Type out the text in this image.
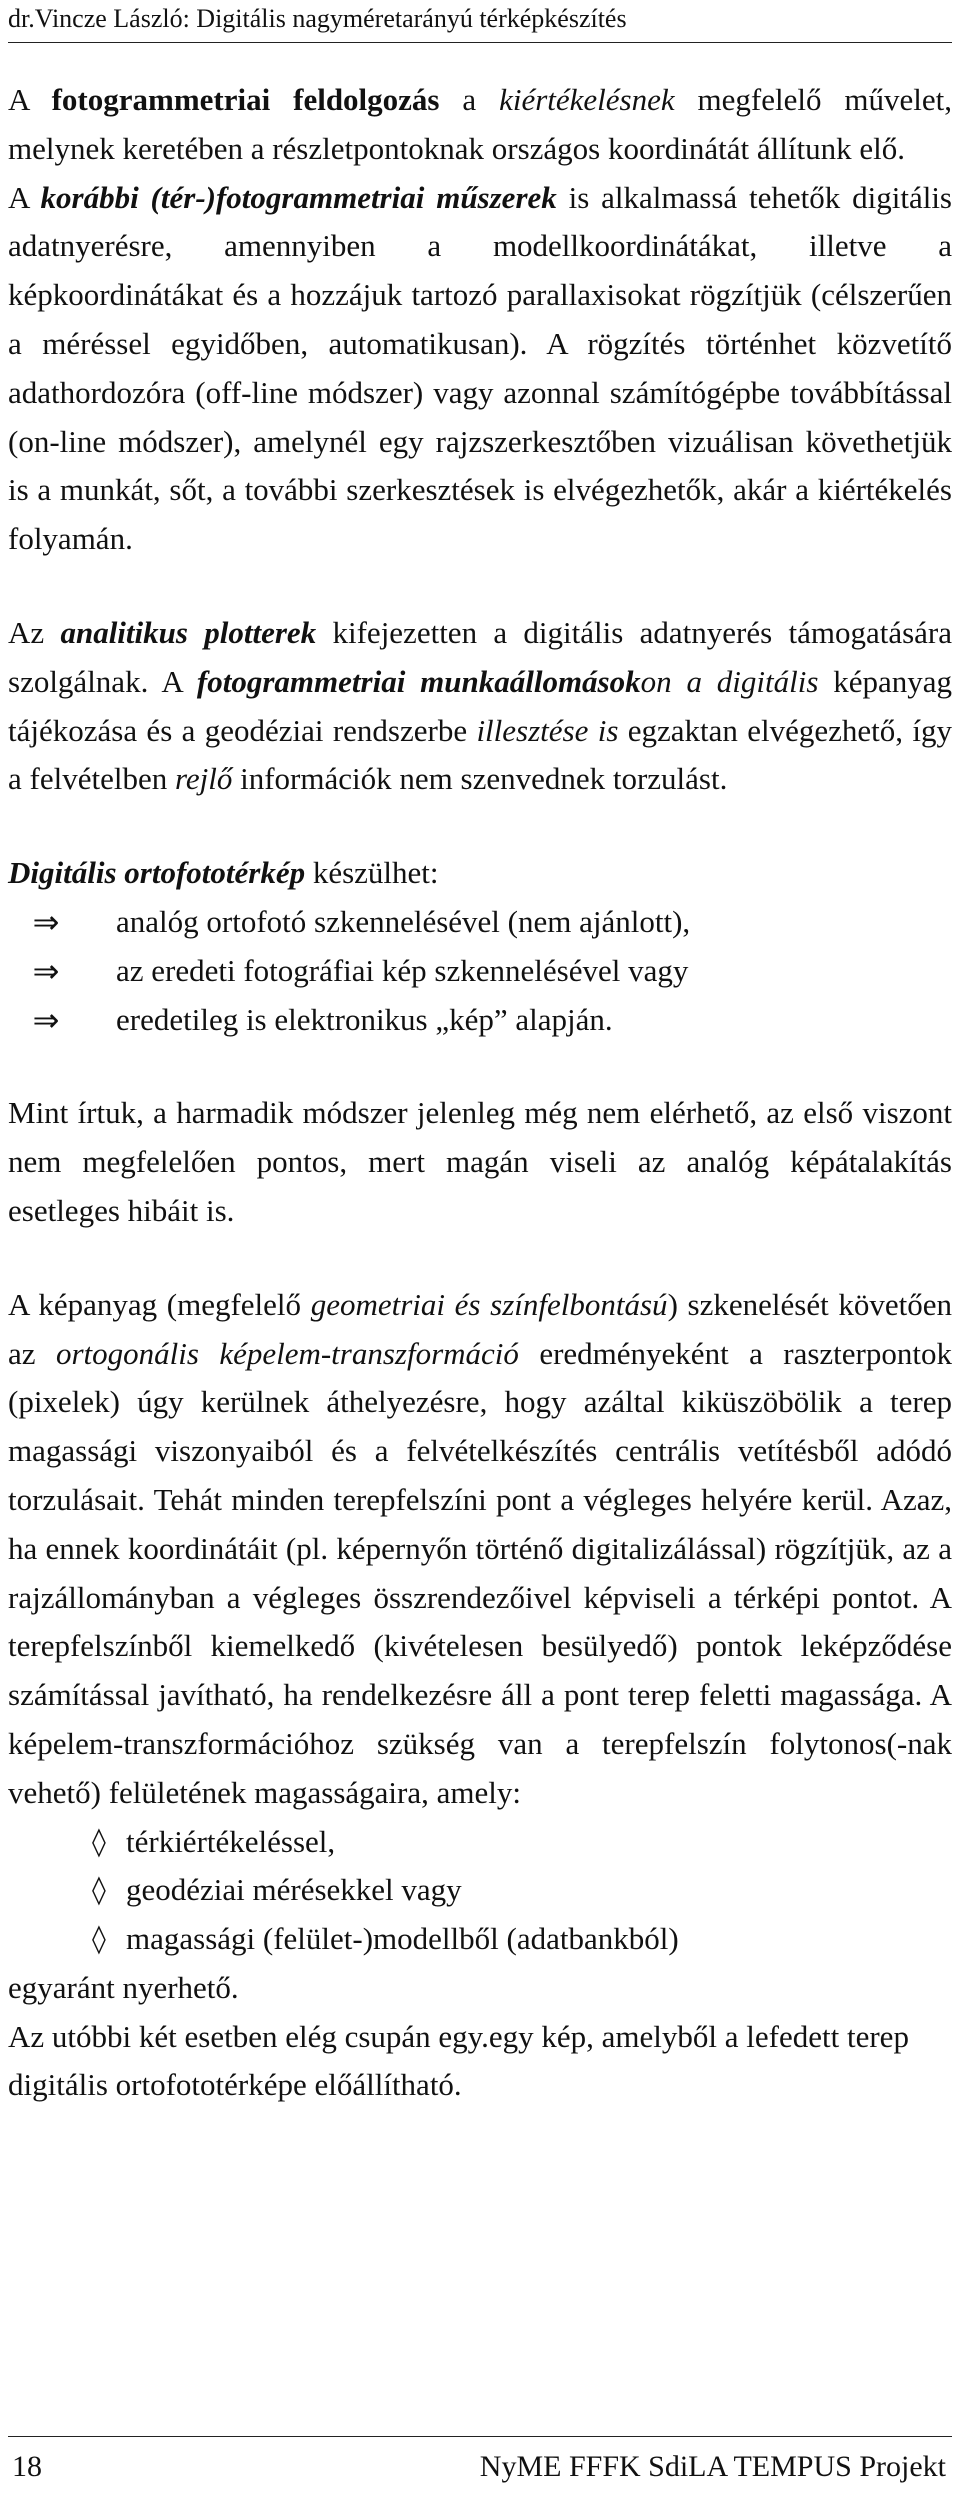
dr.Vincze László: Digitális nagyméretarányú térképkészítés

A fotogrammetriai feldolgozás a kiértékelésnek megfelelő művelet, melynek keretében a részletpontoknak országos koordinátát állítunk elő.

A korábbi (tér-)fotogrammetriai műszerek is alkalmassá tehetők digitális adatnyerésre, amennyiben a modellkoordinátákat, illetve a képkoordinátákat és a hozzájuk tartozó parallaxisokat rögzítjük (célszerűen a méréssel egyidőben, automatikusan). A rögzítés történhet közvetítő adathordozóra (off-line módszer) vagy azonnal számítógépbe továbbítással (on-line módszer), amelynél egy rajzszerkesztőben vizuálisan követhetjük is a munkát, sőt, a további szerkesztések is elvégezhetők, akár a kiértékelés folyamán.

Az analitikus plotterek kifejezetten a digitális adatnyerés támogatására szolgálnak. A fotogrammetriai munkaállomásokon a digitális képanyag tájékozása és a geodéziai rendszerbe illesztése is egzaktan elvégezhető, így a felvételben rejlő információk nem szenvednek torzulást.

Digitális ortofototérkép készülhet:

⇒	analóg ortofotó szkennelésével (nem ajánlott),
⇒	az eredeti fotográfiai kép szkennelésével vagy
⇒	eredetileg is elektronikus „kép” alapján.

Mint írtuk, a harmadik módszer jelenleg még nem elérhető, az első viszont nem megfelelően pontos, mert magán viseli az analóg képátalakítás esetleges hibáit is.

A képanyag (megfelelő geometriai és színfelbontású) szkenelését követően az ortogonális képelem-transzformáció eredményeként a raszterpontok (pixelek) úgy kerülnek áthelyezésre, hogy azáltal kiküszöbölik a terep magassági viszonyaiból és a felvételkészítés centrális vetítésből adódó torzulásait. Tehát minden terepfelszíni pont a végleges helyére kerül. Azaz, ha ennek koordinátáit (pl. képernyőn történő digitalizálással) rögzítjük, az a rajzállományban a végleges összrendezőivel képviseli a térképi pontot. A terepfelszínből kiemelkedő (kivételesen besülyedő) pontok leképződése számítással javítható, ha rendelkezésre áll a pont terep feletti magassága. A képelem-transzformációhoz szükség van a terepfelszín folytonos(-nak vehető) felületének magasságaira, amely:

◊ térkiértékeléssel,
◊ geodéziai mérésekkel vagy
◊ magassági (felület-)modellből (adatbankból)

egyaránt nyerhető.

Az utóbbi két esetben elég csupán egy.egy kép, amelyből a lefedett terep digitális ortofototérképe előállítható.

18	NyME FFFK SdiLA TEMPUS Projekt
